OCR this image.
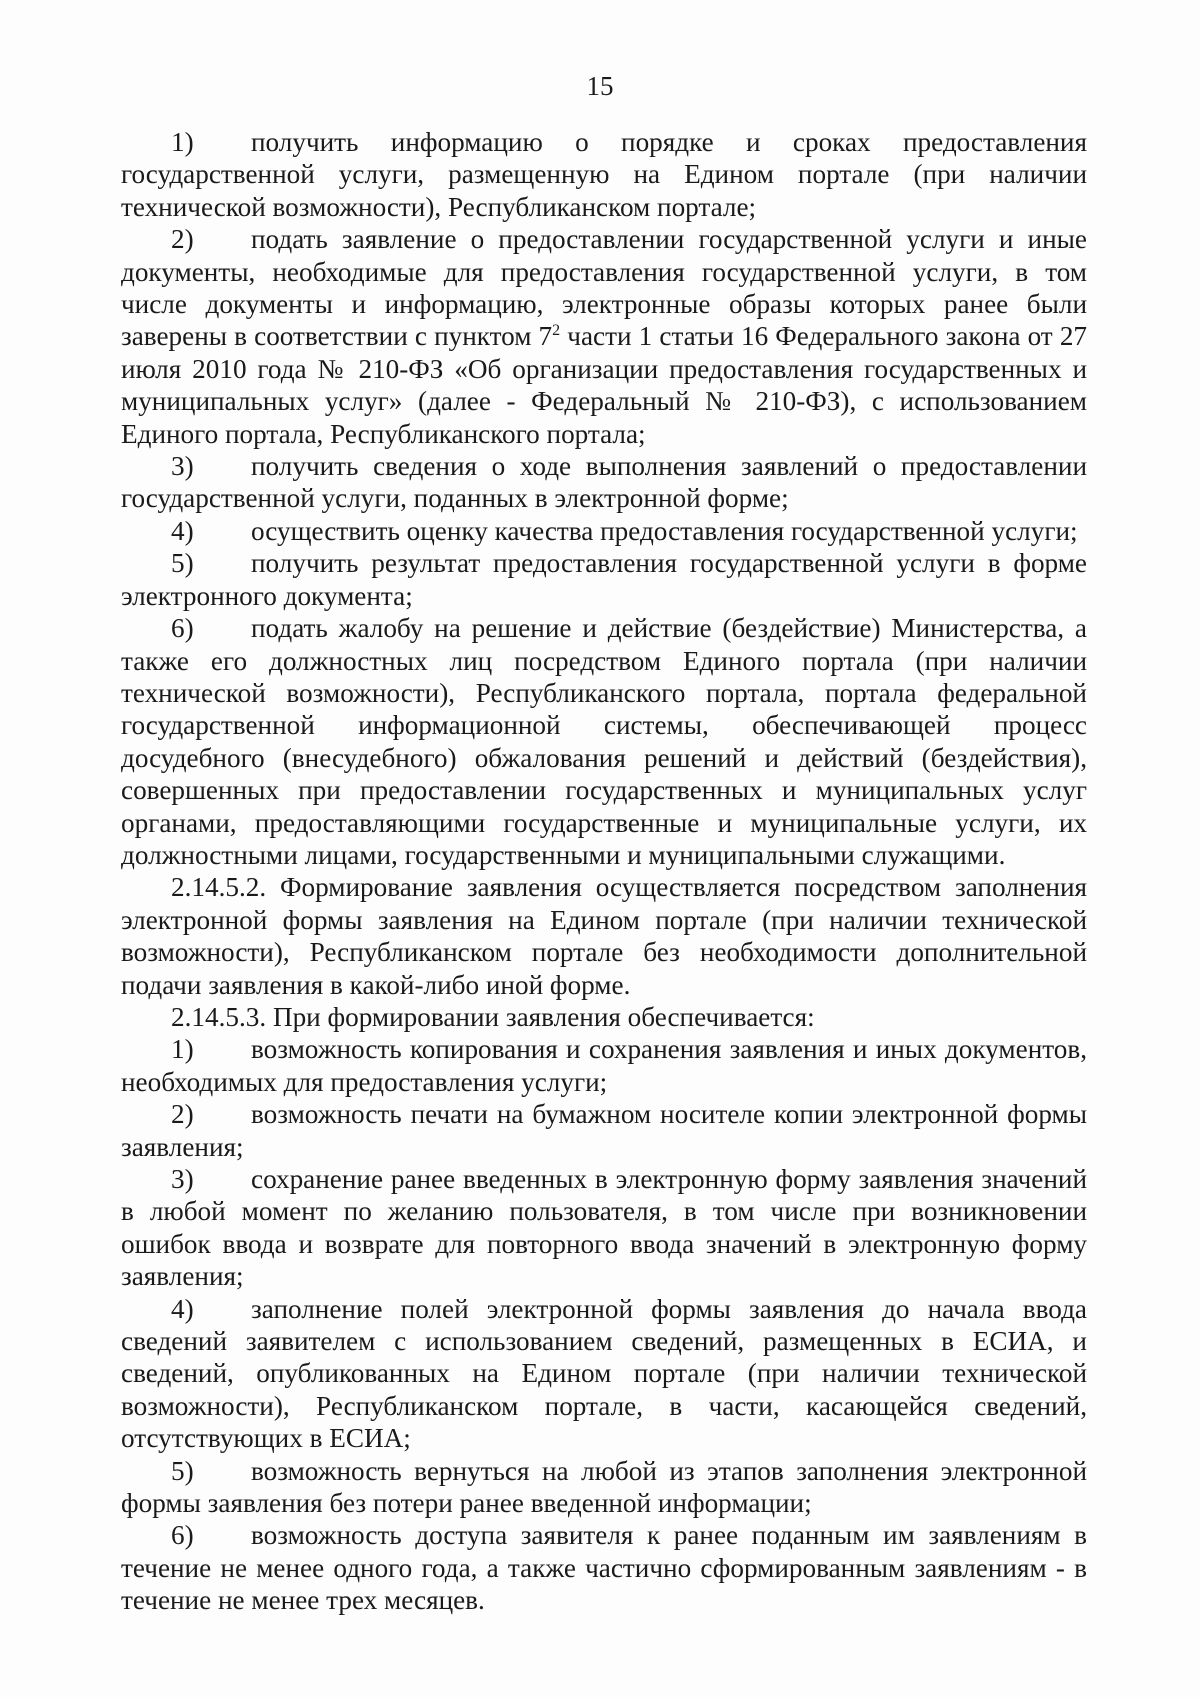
15

1) получить информацию о порядке и сроках предоставления государственной услуги, размещенную на Едином портале (при наличии технической возможности), Республиканском портале;

2) подать заявление о предоставлении государственной услуги и иные документы, необходимые для предоставления государственной услуги, в том числе документы и информацию, электронные образы которых ранее были заверены в соответствии с пунктом $7^2$ части 1 статьи 16 Федерального закона от 27 июля 2010 года № 210-ФЗ «Об организации предоставления государственных и муниципальных услуг» (далее - Федеральный № 210-ФЗ), с использованием Единого портала, Республиканского портала;

3) получить сведения о ходе выполнения заявлений о предоставлении государственной услуги, поданных в электронной форме;

4) осуществить оценку качества предоставления государственной услуги;

5) получить результат предоставления государственной услуги в форме электронного документа;

6) подать жалобу на решение и действие (бездействие) Министерства, а также его должностных лиц посредством Единого портала (при наличии технической возможности), Республиканского портала, портала федеральной государственной информационной системы, обеспечивающей процесс досудебного (внесудебного) обжалования решений и действий (бездействия), совершенных при предоставлении государственных и муниципальных услуг органами, предоставляющими государственные и муниципальные услуги, их должностными лицами, государственными и муниципальными служащими.

2.14.5.2. Формирование заявления осуществляется посредством заполнения электронной формы заявления на Едином портале (при наличии технической возможности), Республиканском портале без необходимости дополнительной подачи заявления в какой-либо иной форме.

2.14.5.3. При формировании заявления обеспечивается:

1) возможность копирования и сохранения заявления и иных документов, необходимых для предоставления услуги;

2) возможность печати на бумажном носителе копии электронной формы заявления;

3) сохранение ранее введенных в электронную форму заявления значений в любой момент по желанию пользователя, в том числе при возникновении ошибок ввода и возврате для повторного ввода значений в электронную форму заявления;

4) заполнение полей электронной формы заявления до начала ввода сведений заявителем с использованием сведений, размещенных в ЕСИА, и сведений, опубликованных на Едином портале (при наличии технической возможности), Республиканском портале, в части, касающейся сведений, отсутствующих в ЕСИА;

5) возможность вернуться на любой из этапов заполнения электронной формы заявления без потери ранее введенной информации;

6) возможность доступа заявителя к ранее поданным им заявлениям в течение не менее одного года, а также частично сформированным заявлениям - в течение не менее трех месяцев.
